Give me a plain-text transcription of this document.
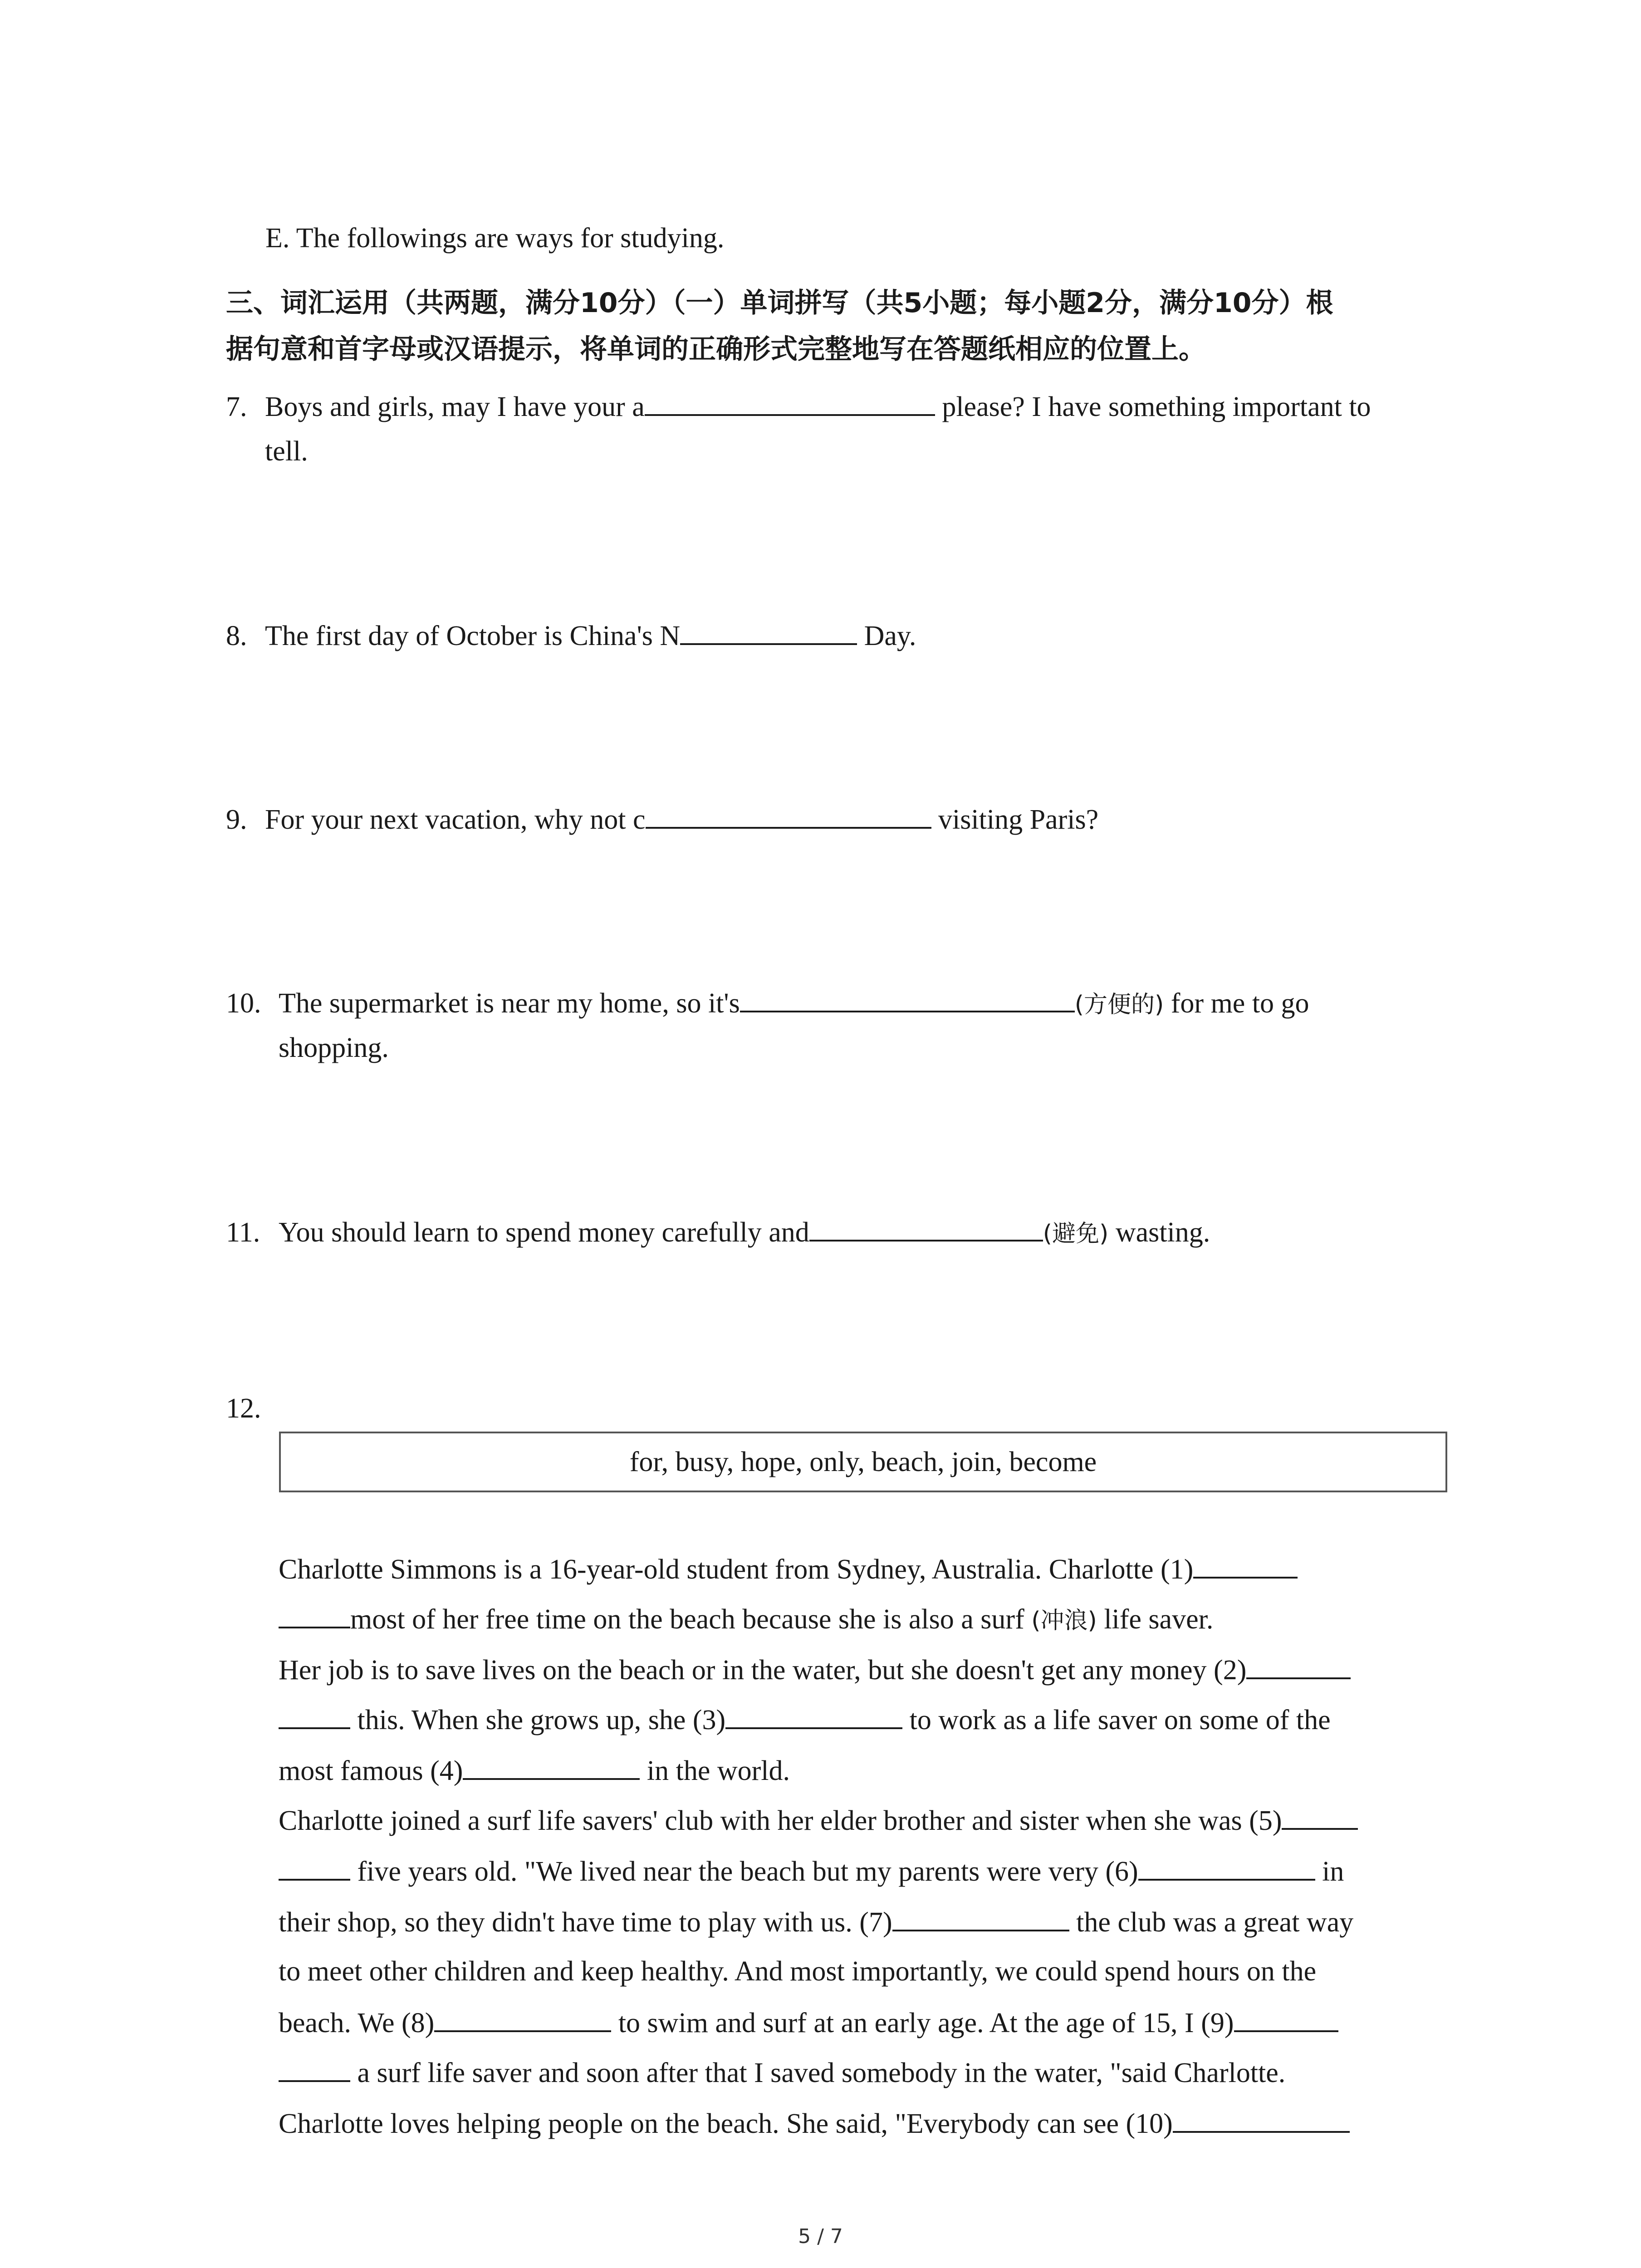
E. The followings are ways for studying.
三、词汇运用（共两题，满分10分）（一）单词拼写（共5小题；每小题2分，满分10分）根
据句意和首字母或汉语提示，将单词的正确形式完整地写在答题纸相应的位置上。
7. Boys and girls, may I have your a	please? I have something important to
tell.
8. The first day of October is China's N	Day.
9. For your next vacation, why not c	visiting Paris?
10. The supermarket is near my home, so it's	(方便的) for me to go
shopping.
11. You should learn to spend money carefully and	(避免) wasting.
12.
for, busy, hope, only, beach, join, become
Charlotte Simmons is a 16-year-old student from Sydney, Australia. Charlotte (1)
most of her free time on the beach because she is also a surf (冲浪) life saver.
Her job is to save lives on the beach or in the water, but she doesn't get any money (2)
this. When she grows up, she (3)	to work as a life saver on some of the
most famous (4)	in the world.
Charlotte joined a surf life savers' club with her elder brother and sister when she was (5)
five years old. "We lived near the beach but my parents were very (6)	in
their shop, so they didn't have time to play with us. (7)	the club was a great way
to meet other children and keep healthy. And most importantly, we could spend hours on the
beach. We (8)	to swim and surf at an early age. At the age of 15, I (9)
a surf life saver and soon after that I saved somebody in the water, "said Charlotte.
Charlotte loves helping people on the beach. She said, "Everybody can see (10)
5 / 7
